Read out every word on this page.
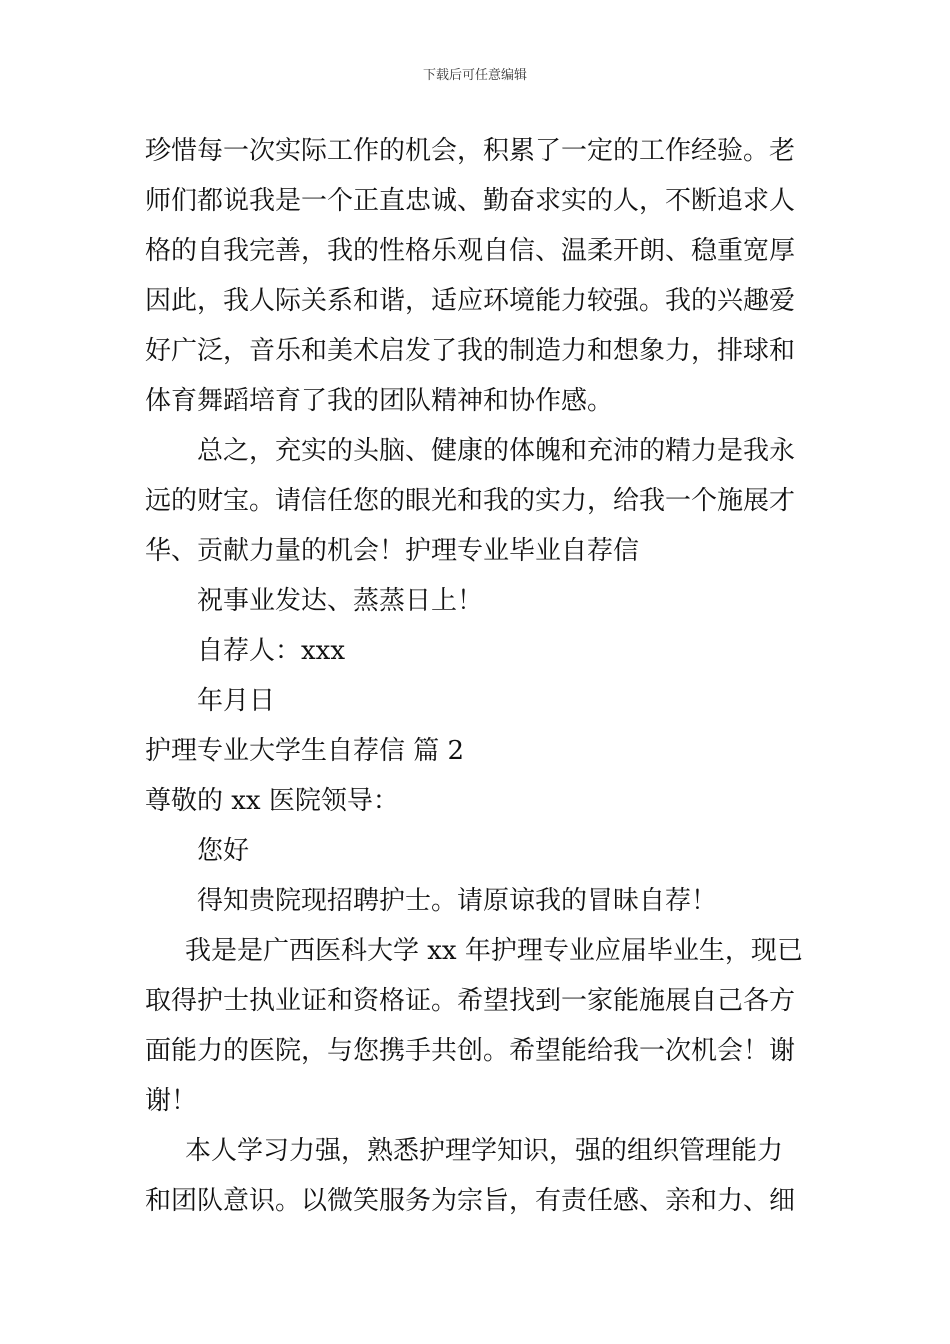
下载后可任意编辑
珍惜每一次实际工作的机会，积累了一定的工作经验。老
师们都说我是一个正直忠诚、勤奋求实的人，不断追求人
格的自我完善，我的性格乐观自信、温柔开朗、稳重宽厚
因此，我人际关系和谐，适应环境能力较强。我的兴趣爱
好广泛，音乐和美术启发了我的制造力和想象力，排球和
体育舞蹈培育了我的团队精神和协作感。
总之，充实的头脑、健康的体魄和充沛的精力是我永
远的财宝。请信任您的眼光和我的实力，给我一个施展才
华、贡献力量的机会！护理专业毕业自荐信
祝事业发达、蒸蒸日上！
自荐人：xxx
年月日
护理专业大学生自荐信 篇 2
尊敬的 xx 医院领导：
您好
得知贵院现招聘护士。请原谅我的冒昧自荐！
我是是广西医科大学 xx 年护理专业应届毕业生，现已
取得护士执业证和资格证。希望找到一家能施展自己各方
面能力的医院，与您携手共创。希望能给我一次机会！谢
谢！
本人学习力强，熟悉护理学知识，强的组织管理能力
和团队意识。以微笑服务为宗旨，有责任感、亲和力、细
